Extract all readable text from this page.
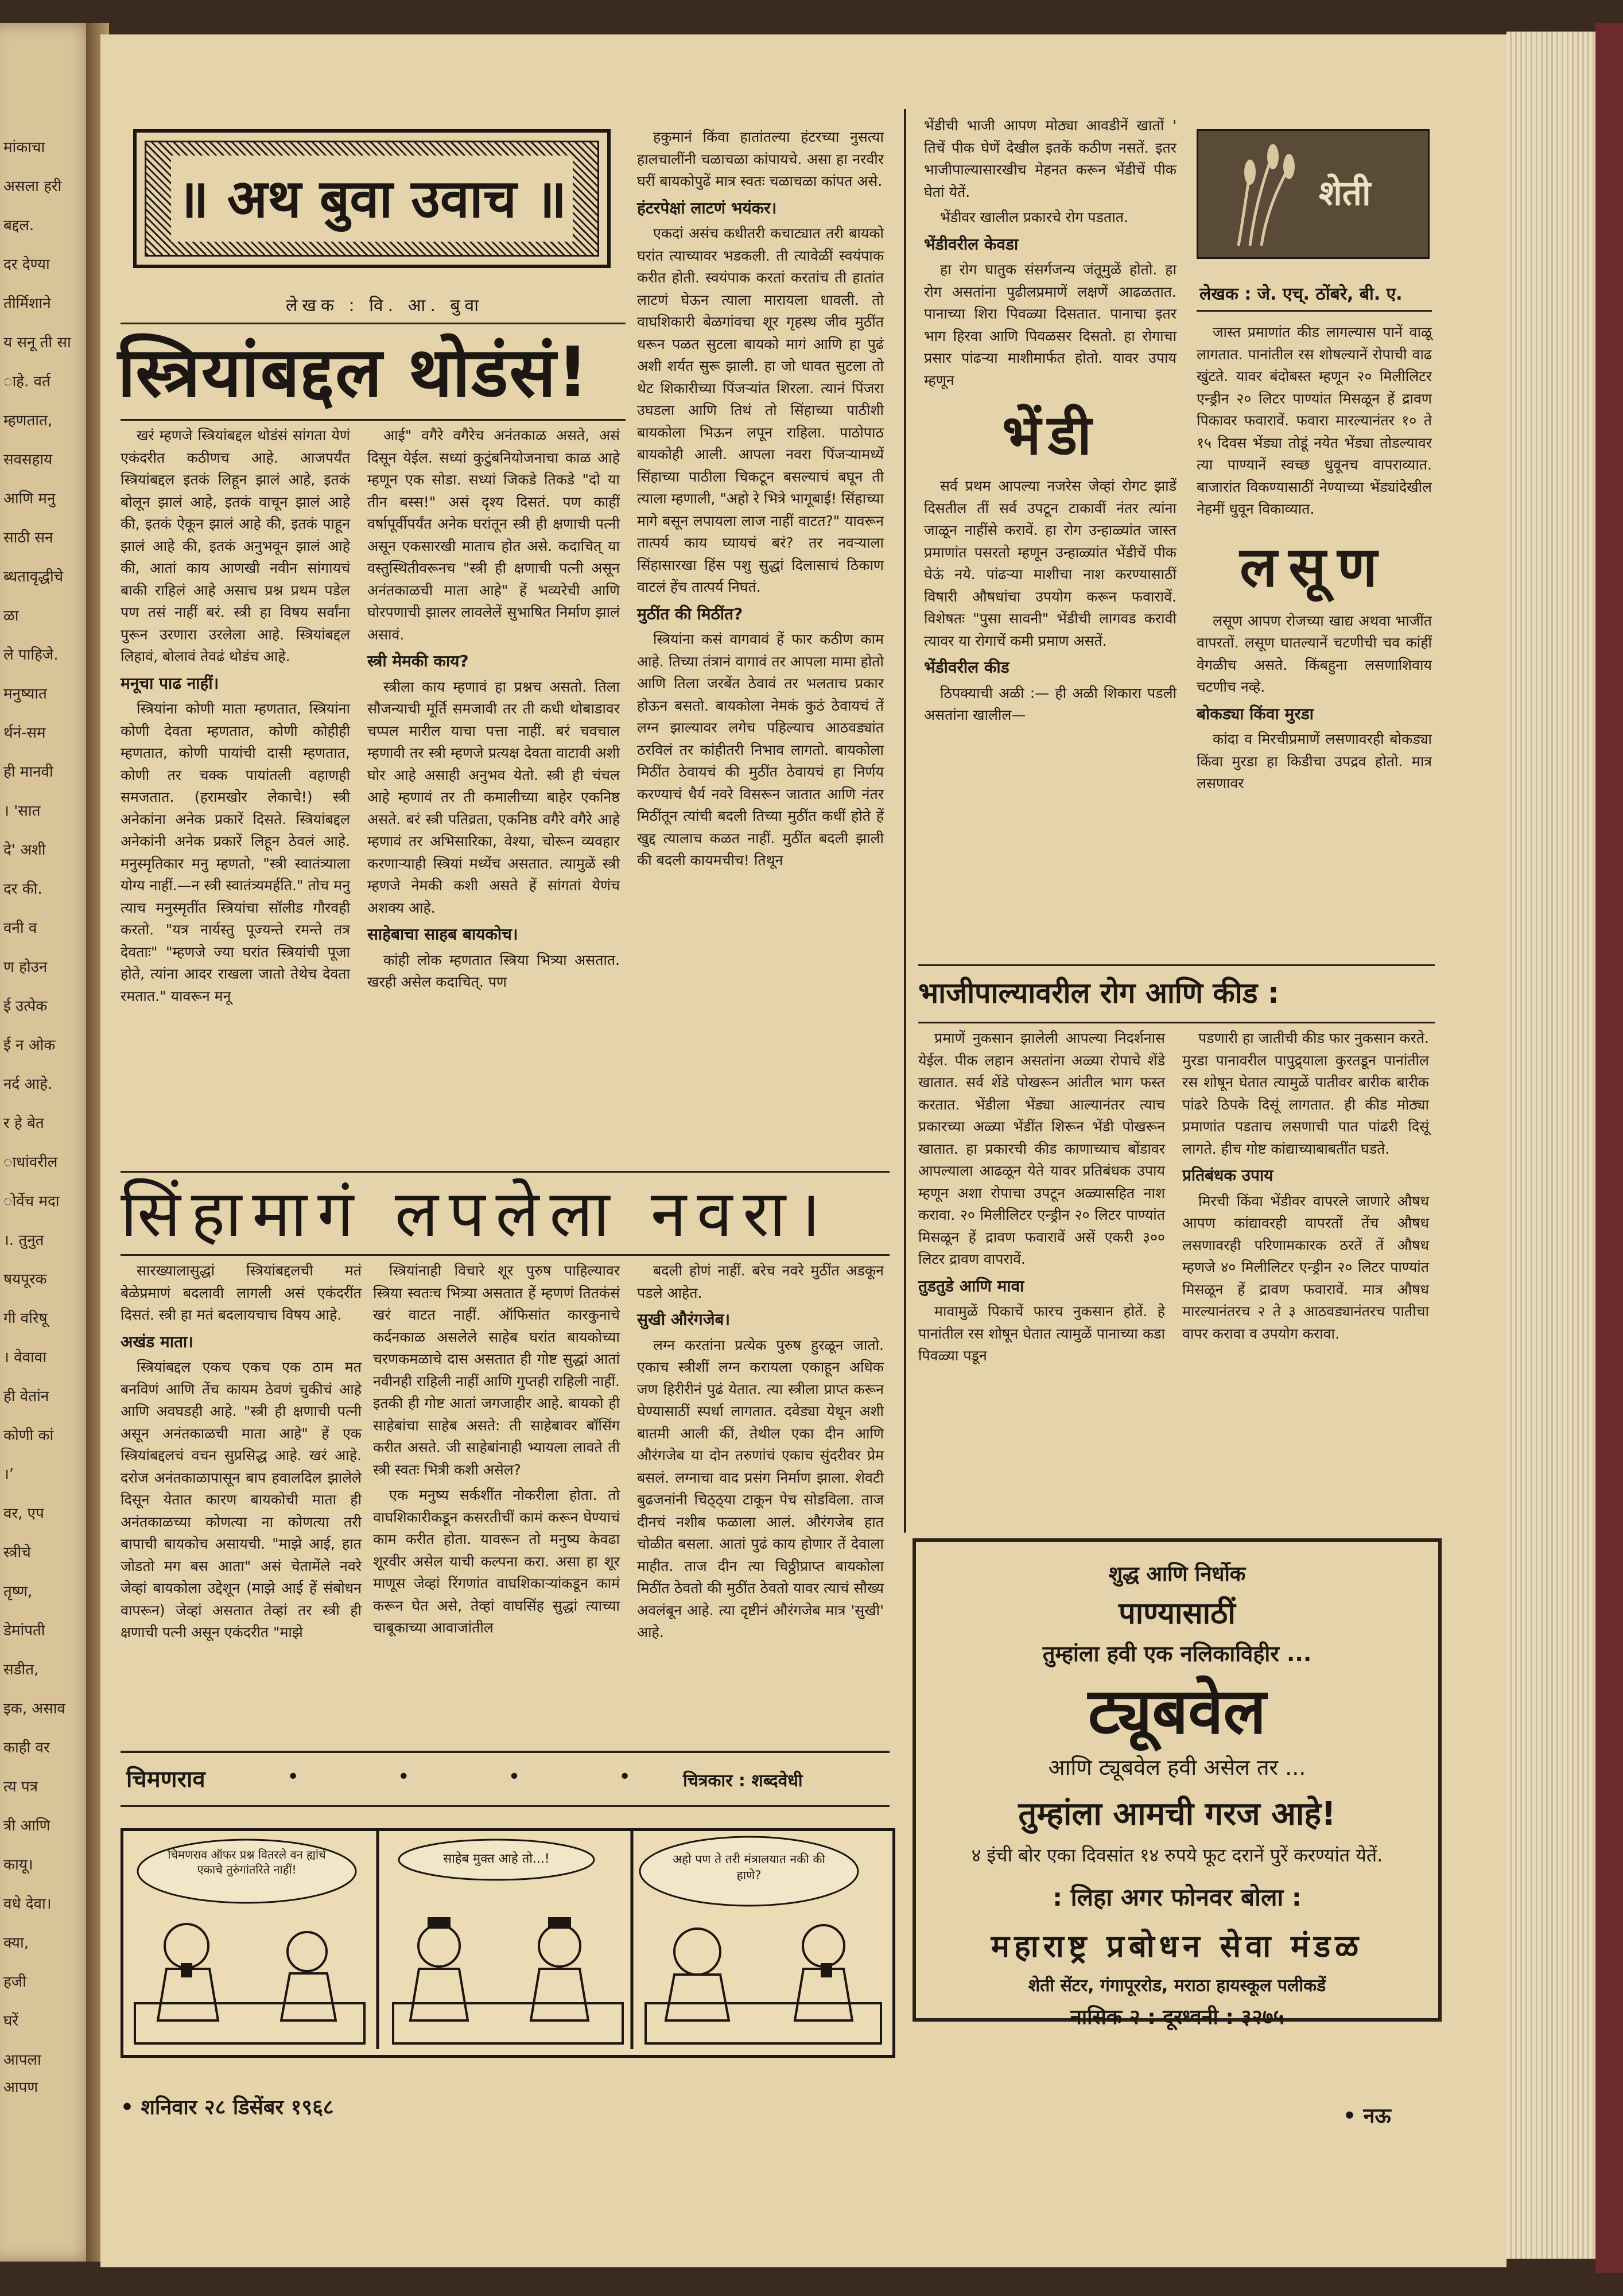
मांकाचा
असला हरी
बद्दल.
दर देण्या
तीर्मिशाने
य सनू ती सा
ाहे. वर्त
म्हणतात,
सवसहाय
आणि मनु
साठी सन
ब्धतावृद्धीचे
ळा
ले पाहिजे.
मनुष्यात
र्थनं-सम
ही मानवी
। 'सात
दे' अशी
दर की.
वनी व
ण होउन
ई उत्पेक
ई न ओक
नर्द आहे.
र हे बेत
ाधांवरील
ोर्वेच मदा
।. तुनुत
षयपूरक
गी वरिषू
। वेवावा
ही वेतांन
कोणी कां
।’
वर, एप
स्त्रीचे
तृष्ण,
डेमांपती
सडीत,
इक, असाव
काही वर
त्य पत्र
त्री आणि
कायू।
वधे देवा।
क्या,
हजी
घरें
आपला
आपण
॥ अथ बुवा उवाच ॥
लेखक : वि. आ. बुवा
स्त्रियांबद्दल थोडंसं!

खरं म्हणजे स्त्रियांबद्दल थोडंसं सांगता येणं एकंदरीत कठीणच आहे. आजपर्यंत स्त्रियांबद्दल इतकं लिहून झालं आहे, इतकं बोलून झालं आहे, इतकं वाचून झालं आहे की, इतकं ऐकून झालं आहे की, इतकं पाहून झालं आहे की, इतकं अनुभवून झालं आहे की, आतां काय आणखी नवीन सांगायचं बाकी राहिलं आहे असाच प्रश्न प्रथम पडेल पण तसं नाहीं बरं. स्त्री हा विषय सर्वांना पुरून उरणारा उरलेला आहे. स्त्रियांबद्दल लिहावं, बोलावं तेवढं थोडंच आहे.

मनूचा पाढ नाहीं।

स्त्रियांना कोणी माता म्हणतात, स्त्रियांना कोणी देवता म्हणतात, कोणी कोहीही म्हणतात, कोणी पायांची दासी म्हणतात, कोणी तर चक्क पायांतली वहाणही समजतात. (हरामखोर लेकाचे!) स्त्री अनेकांना अनेक प्रकारें दिसते. स्त्रियांबद्दल अनेकांनी अनेक प्रकारें लिहून ठेवलं आहे. मनुस्मृतिकार मनु म्हणतो, "स्त्री स्वातंत्र्याला योग्य नाहीं.—न स्त्री स्वातंत्र्यमर्हति." तोच मनु त्याच मनुस्मृतींत स्त्रियांचा सॉलीड गौरवही करतो. "यत्र नार्यस्तु पूज्यन्ते रमन्ते तत्र देवताः" "म्हणजे ज्या घरांत स्त्रियांची पूजा होते, त्यांना आदर राखला जातो तेथेच देवता रमतात." यावरून मनू

आई" वगैरे वगैरेच अनंतकाळ असते, असं दिसून येईल. सध्यां कुटुंबनियोजनाचा काळ आहे म्हणून एक सोडा. सध्यां जिकडे तिकडे "दो या तीन बस्स!" असं दृश्य दिसतं. पण काहीं वर्षापूर्वीपर्यंत अनेक घरांतून स्त्री ही क्षणाची पत्नी असून एकसारखी माताच होत असे. कदाचित् या वस्तुस्थितीवरूनच "स्त्री ही क्षणाची पत्नी असून अनंतकाळची माता आहे" हें भव्यरेची आणि घोरपणाची झालर लावलेलें सुभाषित निर्माण झालं असावं.

स्त्री मेमकी काय?

स्त्रीला काय म्हणावं हा प्रश्नच असतो. तिला सौजन्याची मूर्ति समजावी तर ती कधी थोबाडावर चप्पल मारील याचा पत्ता नाहीं. बरं चवचाल म्हणावी तर स्त्री म्हणजे प्रत्यक्ष देवता वाटावी अशी घोर आहे असाही अनुभव येतो. स्त्री ही चंचल आहे म्हणावं तर ती कमालीच्या बाहेर एकनिष्ठ असते. बरं स्त्री पतिव्रता, एकनिष्ठ वगैरे वगैरे आहे म्हणावं तर अभिसारिका, वेश्या, चोरून व्यवहार करणाऱ्याही स्त्रियां मध्येंच असतात. त्यामुळें स्त्री म्हणजे नेमकी कशी असते हें सांगतां येणंच अशक्य आहे.

साहेबाचा साहब बायकोच।

कांही लोक म्हणतात स्त्रिया भित्र्या असतात. खरही असेल कदाचित्. पण

हकुमानं किंवा हातांतल्या हंटरच्या नुसत्या हालचालींनी चळाचळा कांपायचे. असा हा नरवीर घरीं बायकोपुढें मात्र स्वतः चळाचळा कांपत असे.

हंटरपेक्षां लाटणं भयंकर।

एकदां असंच कधीतरी कचाट्यात तरी बायको घरांत त्याच्यावर भडकली. ती त्यावेळीं स्वयंपाक करीत होती. स्वयंपाक करतां करतांच ती हातांत लाटणं घेऊन त्याला मारायला धावली. तो वाघशिकारी बेळगांवचा शूर गृहस्थ जीव मुठींत धरून पळत सुटला बायको मागं आणि हा पुढं अशी शर्यत सुरू झाली. हा जो धावत सुटला तो थेट शिकारीच्या पिंजऱ्यांत शिरला. त्यानं पिंजरा उघडला आणि तिथं तो सिंहाच्या पाठीशी बायकोला भिऊन लपून राहिला. पाठोपाठ बायकोही आली. आपला नवरा पिंजऱ्यामध्यें सिंहाच्या पाठीला चिकटून बसल्याचं बघून ती त्याला म्हणाली, "अहो रे भित्रे भागूबाई! सिंहाच्या मागे बसून लपायला लाज नाहीं वाटत?" यावरून तात्पर्य काय घ्यायचं बरं? तर नवऱ्याला सिंहासारखा हिंस पशु सुद्धां दिलासाचं ठिकाण वाटलं हेंच तात्पर्य निघतं.

मुठींत की मिठींत?

स्त्रियांना कसं वागवावं हें फार कठीण काम आहे. तिच्या तंत्रानं वागावं तर आपला मामा होतो आणि तिला जरबेंत ठेवावं तर भलताच प्रकार होऊन बसतो. बायकोला नेमकं कुठं ठेवायचं तें लग्न झाल्यावर लगेच पहिल्याच आठवड्यांत ठरविलं तर कांहीतरी निभाव लागतो. बायकोला मिठींत ठेवायचं की मुठींत ठेवायचं हा निर्णय करण्याचं धैर्य नवरे विसरून जातात आणि नंतर मिठींतून त्यांची बदली तिच्या मुठींत कधीं होते हें खुद्द त्यालाच कळत नाहीं. मुठींत बदली झाली की बदली कायमचीच! तिथून

सिंहामागं लपलेला नवरा।

सारख्यालासुद्धां स्त्रियांबद्दलची मतं बेळेप्रमाणं बदलावी लागली असं एकंदरींत दिसतं. स्त्री हा मतं बदलायचाच विषय आहे.

अखंड माता।

स्त्रियांबद्दल एकच एकच एक ठाम मत बनविणं आणि तेंच कायम ठेवणं चुकीचं आहे आणि अवघडही आहे. "स्त्री ही क्षणाची पत्नी असून अनंतकाळची माता आहे" हें एक स्त्रियांबद्दलचं वचन सुप्रसिद्ध आहे. खरं आहे. दरोज अनंतकाळापासून बाप हवालदिल झालेले दिसून येतात कारण बायकोची माता ही अनंतकाळच्या कोणत्या ना कोणत्या तरी बापाची बायकोच असायची. "माझे आई, हात जोडतो मग बस आता" असं चेतामेंले नवरे जेव्हां बायकोला उद्देशून (माझे आई हें संबोधन वापरून) जेव्हां असतात तेव्हां तर स्त्री ही क्षणाची पत्नी असून एकंदरीत "माझे

स्त्रियांनाही विचारे शूर पुरुष पाहिल्यावर स्त्रिया स्वतःच भित्र्या असतात हें म्हणणं तितकंसं खरं वाटत नाहीं. ऑफिसांत कारकुनाचे कर्दनकाळ असलेले साहेब घरांत बायकोच्या चरणकमळाचे दास असतात ही गोष्ट सुद्धां आतां नवीनही राहिली नाहीं आणि गुप्तही राहिली नाहीं. इतकी ही गोष्ट आतां जगजाहीर आहे. बायको ही साहेबांचा साहेब असते: ती साहेबावर बॉसिंग करीत असते. जी साहेबांनाही भ्यायला लावते ती स्त्री स्वतः भित्री कशी असेल?

एक मनुष्य सर्कशींत नोकरीला होता. तो वाघशिकारीकडून कसरतीचीं कामं करून घेण्याचं काम करीत होता. यावरून तो मनुष्य केवढा शूरवीर असेल याची कल्पना करा. असा हा शूर माणूस जेव्हां रिंगणांत वाघशिकाऱ्यांकडून कामं करून घेत असे, तेव्हां वाघसिंह सुद्धां त्याच्या चाबूकाच्या आवाजांतील

बदली होणं नाहीं. बरेच नवरे मुठींत अडकून पडले आहेत.

सुखी औरंगजेब।

लग्न करतांना प्रत्येक पुरुष हुरळून जातो. एकाच स्त्रीशीं लग्न करायला एकाहून अधिक जण हिरीरीनं पुढं येतात. त्या स्त्रीला प्राप्त करून घेण्यासाठीं स्पर्धा लागतात. दवेड्या येथून अशी बातमी आली कीं, तेथील एका दीन आणि औरंगजेब या दोन तरुणांचं एकाच सुंदरीवर प्रेम बसलं. लग्नाचा वाद प्रसंग निर्माण झाला. शेवटी बुढजनांनी चिठ्ठ्या टाकून पेच सोडविला. ताज दीनचं नशीब फळाला आलं. औरंगजेब हात चोळीत बसला. आतां पुढं काय होणार तें देवाला माहीत. ताज दीन त्या चिठ्ठीप्राप्त बायकोला मिठींत ठेवतो की मुठींत ठेवतो यावर त्याचं सौख्य अवलंबून आहे. त्या दृष्टीनं औरंगजेब मात्र 'सुखी' आहे.

चिमणराव	• • • • चित्रकार : शब्दवेधी
चिमणराव ऑफर प्रश्न वितरले वन ह्यांचे एकाचे तुरुंगांतरिते नाहीं!
साहेब मुक्त आहे तो...!	अहो पण ते तरी मंत्रालयात नकी की हाणे?
• शनिवार २८ डिसेंबर १९६८	• नऊ
शेती
लेखक : जे. एच्. ठोंबरे, बी. ए.

भेंडीची भाजी आपण मोठ्या आवडीनें खातों ' तिचें पीक घेणें देखील इतकें कठीण नसतें. इतर भाजीपाल्यासारखीच मेहनत करून भेंडीचें पीक घेतां येतें.

भेंडीवर खालील प्रकारचे रोग पडतात.

भेंडीवरील केवडा

हा रोग घातुक संसर्गजन्य जंतूमुळें होतो. हा रोग असतांना पुढीलप्रमाणें लक्षणें आढळतात. पानाच्या शिरा पिवळ्या दिसतात. पानाचा इतर भाग हिरवा आणि पिवळसर दिसतो. हा रोगाचा प्रसार पांढऱ्या माशीमार्फत होतो. यावर उपाय म्हणून

भेंडी

सर्व प्रथम आपल्या नजरेस जेव्हां रोगट झाडें दिसतील तीं सर्व उपटून टाकावीं नंतर त्यांना जाळून नाहींसे करावें. हा रोग उन्हाळ्यांत जास्त प्रमाणांत पसरतो म्हणून उन्हाळ्यांत भेंडीचें पीक घेऊं नये. पांढऱ्या माशीचा नाश करण्यासाठीं विषारी औषधांचा उपयोग करून फवारावें. विशेषतः "पुसा सावनी" भेंडीची लागवड करावी त्यावर या रोगाचें कमी प्रमाण असतें.

भेंडीवरील कीड

ठिपक्याची अळी :— ही अळी शिकारा पडली असतांना खालील—

जास्त प्रमाणांत कीड लागल्यास पानें वाळू लागतात. पानांतील रस शोषल्यानें रोपाची वाढ खुंटते. यावर बंदोबस्त म्हणून २० मिलीलिटर एन्ड्रीन २० लिटर पाण्यांत मिसळून हें द्रावण पिकावर फवारावें. फवारा मारल्यानंतर १० ते १५ दिवस भेंड्या तोडूं नयेत भेंड्या तोडल्यावर त्या पाण्यानें स्वच्छ धुवूनच वापराव्यात. बाजारांत विकण्यासाठीं नेण्याच्या भेंड्यांदेखील नेहमीं धुवून विकाव्यात.

लसूण

लसूण आपण रोजच्या खाद्य अथवा भाजींत वापरतों. लसूण घातल्यानें चटणीची चव कांहीं वेगळीच असते. किंबहुना लसणाशिवाय चटणीच नव्हे.

बोकड्या किंवा मुरडा

कांदा व मिरचीप्रमाणें लसणावरही बोकड्या किंवा मुरडा हा किडीचा उपद्रव होतो. मात्र लसणावर

भाजीपाल्यावरील रोग आणि कीड :

प्रमाणें नुकसान झालेली आपल्या निदर्शनास येईल. पीक लहान असतांना अळ्या रोपाचे शेंडे खातात. सर्व शेंडे पोखरून आंतील भाग फस्त करतात. भेंडीला भेंड्या आल्यानंतर त्याच प्रकारच्या अळ्या भेंडींत शिरून भेंडी पोखरून खातात. हा प्रकारची कीड काणाच्याच बोंडावर आपल्याला आढळून येते यावर प्रतिबंधक उपाय म्हणून अशा रोपाचा उपटून अळ्यासहित नाश करावा. २० मिलीलिटर एन्ड्रीन २० लिटर पाण्यांत मिसळून हें द्रावण फवारावें असें एकरी ३०० लिटर द्रावण वापरावें.

तुडतुडे आणि मावा

मावामुळें पिकाचें फारच नुकसान होतें. हे पानांतील रस शोषून घेतात त्यामुळें पानाच्या कडा पिवळ्या पडून

पडणारी हा जातीची कीड फार नुकसान करते. मुरडा पानावरील पापुद्र्याला कुरतडून पानांतील रस शोषून घेतात त्यामुळें पातीवर बारीक बारीक पांढरे ठिपके दिसूं लागतात. ही कीड मोठ्या प्रमाणांत पडताच लसणाची पात पांढरी दिसूं लागते. हीच गोष्ट कांद्याच्याबाबतींत घडते.

प्रतिबंधक उपाय

मिरची किंवा भेंडीवर वापरले जाणारे औषध आपण कांद्यावरही वापरतों तेंच औषध लसणावरही परिणामकारक ठरतें तें औषध म्हणजे ४० मिलीलिटर एन्ड्रीन २० लिटर पाण्यांत मिसळून हें द्रावण फवारावें. मात्र औषध मारल्यानंतरच २ ते ३ आठवड्यानंतरच पातीचा वापर करावा व उपयोग करावा.

शुद्ध आणि निर्धोक
पाण्यासाठीं
तुम्हांला हवी एक नलिकाविहीर ...
ट्यूबवेल
आणि ट्यूबवेल हवी असेल तर ...
तुम्हांला आमची गरज आहे!
४ इंची बोर एका दिवसांत १४ रुपये फूट दरानें पुरें करण्यांत येतें.
: लिहा अगर फोनवर बोला :
महाराष्ट्र प्रबोधन सेवा मंडळ
शेती सेंटर, गंगापूररोड, मराठा हायस्कूल पलीकडें
नासिक २ : दूरध्वनी : ३२७५
